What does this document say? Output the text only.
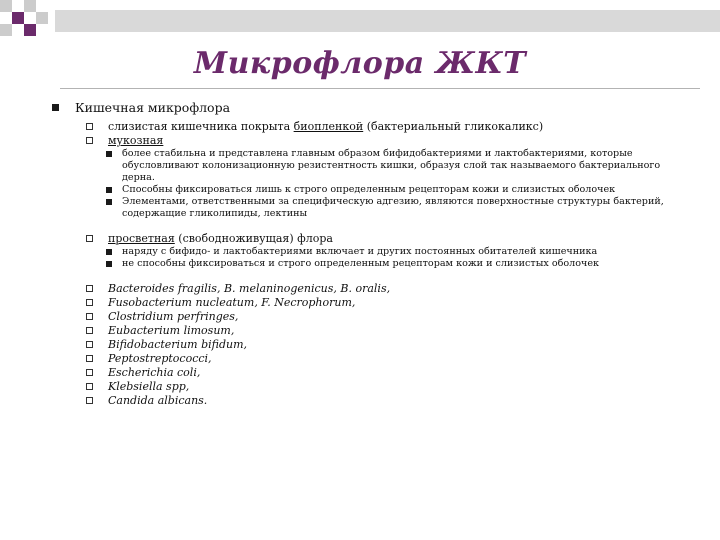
Микрофлора ЖКТ
Кишечная микрофлора
слизистая кишечника покрыта биопленкой (бактериальный гликокаликс)
мукозная
более стабильна и представлена главным образом бифидобактериями и лактобактериями, которые обусловливают колонизационную резистентность кишки, образуя слой так называемого бактериального дерна.
Способны фиксироваться лишь к строго определенным рецепторам кожи и слизистых оболочек
Элементами, ответственными за специфическую адгезию, являются поверхностные структуры бактерий, содержащие гликолипиды, лектины
просветная (свободноживущая) флора
наряду с бифидо- и лактобактериями включает и других постоянных обитателей кишечника
не способны фиксироваться и строго определенным рецепторам кожи и слизистых оболочек
Bacteroides fragilis, B. melaninogenicus, B. oralis,
Fusobacterium nucleatum, F. Necrophorum,
Clostridium perfringes,
Eubacterium limosum,
Bifidobacterium bifidum,
Peptostreptococci,
Escherichia coli,
Klebsiella spp,
Candida albicans.
